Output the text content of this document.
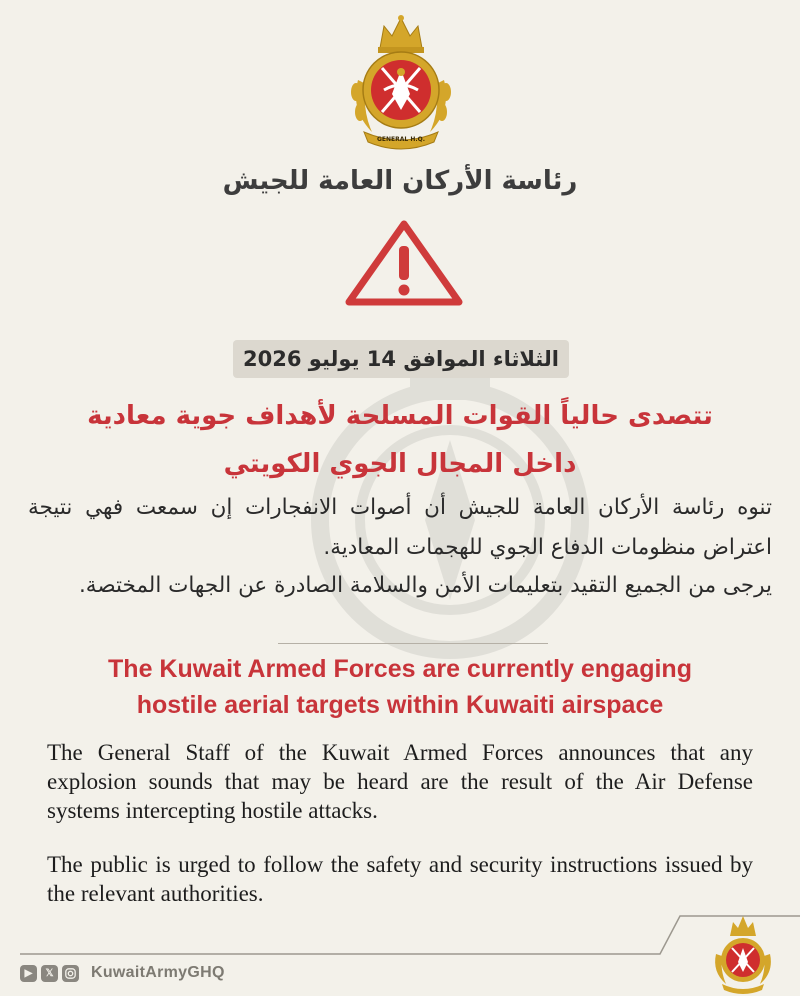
GENERAL H.Q.
رئاسة الأركان العامة للجيش
الثلاثاء الموافق 14 يوليو 2026
تتصدى حالياً القوات المسلحة لأهداف جوية معادية
داخل المجال الجوي الكويتي
تنوه رئاسة الأركان العامة للجيش أن أصوات الانفجارات إن سمعت فهي نتيجة اعتراض منظومات الدفاع الجوي للهجمات المعادية.
يرجى من الجميع التقيد بتعليمات الأمن والسلامة الصادرة عن الجهات المختصة.
The Kuwait Armed Forces are currently engaging
hostile aerial targets within Kuwaiti airspace
The General Staff of the Kuwait Armed Forces announces that any explosion sounds that may be heard are the result of the Air Defense systems intercepting hostile attacks.
The public is urged to follow the safety and security instructions issued by the relevant authorities.
▶	𝕏 KuwaitArmyGHQ
